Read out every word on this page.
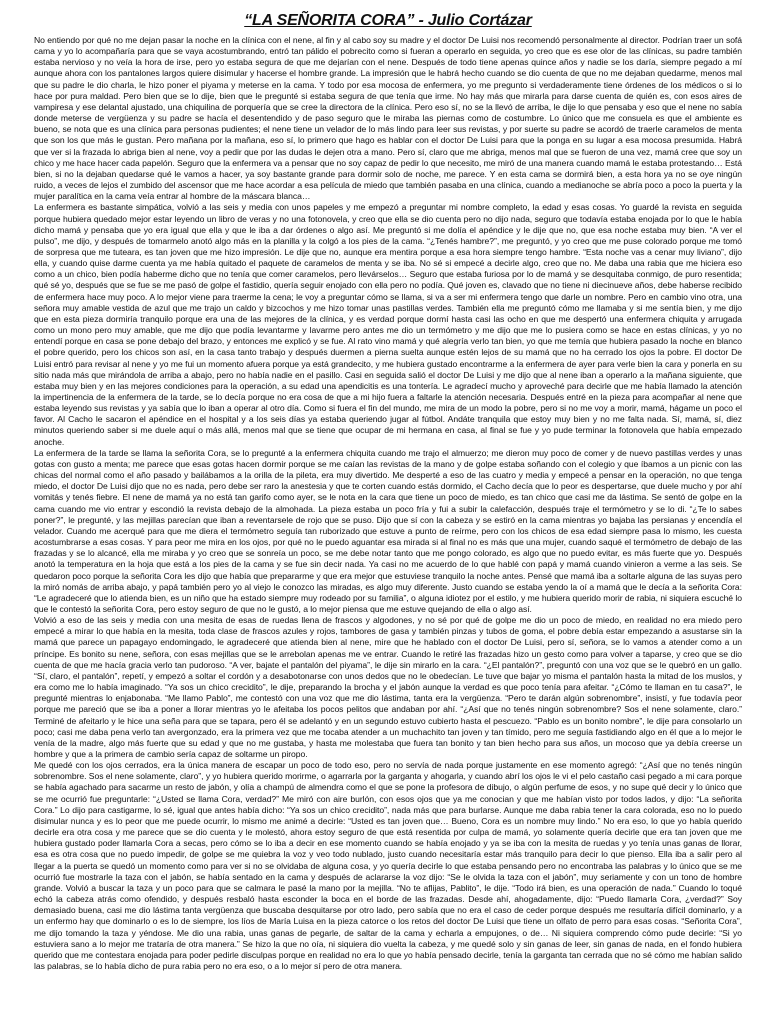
“LA SEÑORITA CORA” - Julio Cortázar

No entiendo por qué no me dejan pasar la noche en la clínica con el nene, al fin y al cabo soy su madre y el doctor De Luisi nos recomendó personalmente al director. Podrían traer un sofá cama y yo lo acompañaría para que se vaya acostumbrando, entró tan pálido el pobrecito como si fueran a operarlo en seguida, yo creo que es ese olor de las clínicas, su padre también estaba nervioso y no veía la hora de irse, pero yo estaba segura de que me dejarían con el nene. Después de todo tiene apenas quince años y nadie se los daría, siempre pegado a mí aunque ahora con los pantalones largos quiere disimular y hacerse el hombre grande. La impresión que le habrá hecho cuando se dio cuenta de que no me dejaban quedarme, menos mal que su padre le dio charla, le hizo poner el piyama y meterse en la cama. Y todo por esa mocosa de enfermera, yo me pregunto si verdaderamente tiene órdenes de los médicos o si lo hace por pura maldad. Pero bien que se lo dije, bien que le pregunté si estaba segura de que tenía que irme. No hay más que mirarla para darse cuenta de quién es, con esos aires de vampiresa y ese delantal ajustado, una chiquilina de porquería que se cree la directora de la clínica. Pero eso sí, no se la llevó de arriba, le dije lo que pensaba y eso que el nene no sabía donde meterse de vergüenza y su padre se hacía el desentendido y de paso seguro que le miraba las piernas como de costumbre. Lo único que me consuela es que el ambiente es bueno, se nota que es una clínica para personas pudientes; el nene tiene un velador de lo más lindo para leer sus revistas, y por suerte su padre se acordó de traerle caramelos de menta que son los que más le gustan. Pero mañana por la mañana, eso sí, lo primero que hago es hablar con el doctor De Luisi para que la ponga en su lugar a esa mocosa presumida. Habrá que ver si la frazada lo abriga bien al nene, voy a pedir que por las dudas le dejen otra a mano. Pero sí, claro que me abriga, menos mal que se fueron de una vez, mamá cree que soy un chico y me hace hacer cada papelón. Seguro que la enfermera va a pensar que no soy capaz de pedir lo que necesito, me miró de una manera cuando mamá le estaba protestando… Está bien, si no la dejaban quedarse qué le vamos a hacer, ya soy bastante grande para dormir solo de noche, me parece. Y en esta cama se dormirá bien, a esta hora ya no se oye ningún ruido, a veces de lejos el zumbido del ascensor que me hace acordar a esa película de miedo que también pasaba en una clínica, cuando a medianoche se abría poco a poco la puerta y la mujer paralítica en la cama veía entrar al hombre de la máscara blanca…

La enfermera es bastante simpática, volvió a las seis y media con unos papeles y me empezó a preguntar mi nombre completo, la edad y esas cosas. Yo guardé la revista en seguida porque hubiera quedado mejor estar leyendo un libro de veras y no una fotonovela, y creo que ella se dio cuenta pero no dijo nada, seguro que todavía estaba enojada por lo que le había dicho mamá y pensaba que yo era igual que ella y que le iba a dar órdenes o algo así. Me preguntó si me dolía el apéndice y le dije que no, que esa noche estaba muy bien. “A ver el pulso”, me dijo, y después de tomarmelo anotó algo más en la planilla y la colgó a los pies de la cama. “¿Tenés hambre?”, me preguntó, y yo creo que me puse colorado porque me tomó de sorpresa que me tuteara, es tan joven que me hizo impresión. Le dije que no, aunque era mentira porque a esa hora siempre tengo hambre. “Esta noche vas a cenar muy liviano”, dijo ella, y cuando quise darme cuenta ya me había quitado el paquete de caramelos de menta y se iba. No sé si empecé a decirle algo, creo que no. Me daba una rabia que me hiciera eso como a un chico, bien podía haberme dicho que no tenía que comer caramelos, pero llevárselos… Seguro que estaba furiosa por lo de mamá y se desquitaba conmigo, de puro resentida; qué sé yo, después que se fue se me pasó de golpe el fastidio, quería seguir enojado con ella pero no podía. Qué joven es, clavado que no tiene ni diecinueve años, debe haberse recibido de enfermera hace muy poco. A lo mejor viene para traerme la cena; le voy a preguntar cómo se llama, si va a ser mi enfermera tengo que darle un nombre. Pero en cambio vino otra, una señora muy amable vestida de azul que me trajo un caldo y bizcochos y me hizo tomar unas pastillas verdes. También ella me preguntó cómo me llamaba y si me sentía bien, y me dijo que en esta pieza dormiría tranquilo porque era una de las mejores de la clínica, y es verdad porque dormí hasta casi las ocho en que me despertó una enfermera chiquita y arrugada como un mono pero muy amable, que me dijo que podía levantarme y lavarme pero antes me dio un termómetro y me dijo que me lo pusiera como se hace en estas clínicas, y yo no entendí porque en casa se pone debajo del brazo, y entonces me explicó y se fue. Al rato vino mamá y qué alegría verlo tan bien, yo que me temía que hubiera pasado la noche en blanco el pobre querido, pero los chicos son así, en la casa tanto trabajo y después duermen a pierna suelta aunque estén lejos de su mamá que no ha cerrado los ojos la pobre. El doctor De Luisi entró para revisar al nene y yo me fui un momento afuera porque ya está grandecito, y me hubiera gustado encontrarme a la enfermera de ayer para verle bien la cara y ponerla en su sitio nada más que mirándola de arriba a abajo, pero no había nadie en el pasillo. Casi en seguida salió el doctor De Luisi y me dijo que al nene iban a operarlo a la mañana siguiente, que estaba muy bien y en las mejores condiciones para la operación, a su edad una apendicitis es una tontería. Le agradecí mucho y aproveché para decirle que me había llamado la atención la impertinencia de la enfermera de la tarde, se lo decía porque no era cosa de que a mi hijo fuera a faltarle la atención necesaria. Después entré en la pieza para acompañar al nene que estaba leyendo sus revistas y ya sabía que lo iban a operar al otro día. Como si fuera el fin del mundo, me mira de un modo la pobre, pero si no me voy a morir, mamá, hágame un poco el favor. Al Cacho le sacaron el apéndice en el hospital y a los seis días ya estaba queriendo jugar al fútbol. Andáte tranquila que estoy muy bien y no me falta nada. Sí, mamá, sí, diez minutos queriendo saber si me duele aquí o más allá, menos mal que se tiene que ocupar de mi hermana en casa, al final se fue y yo pude terminar la fotonovela que había empezado anoche.

La enfermera de la tarde se llama la señorita Cora, se lo pregunté a la enfermera chiquita cuando me trajo el almuerzo; me dieron muy poco de comer y de nuevo pastillas verdes y unas gotas con gusto a menta; me parece que esas gotas hacen dormir porque se me caían las revistas de la mano y de golpe estaba soñando con el colegio y que íbamos a un picnic con las chicas del normal como el año pasado y bailábamos a la orilla de la pileta, era muy divertido. Me desperté a eso de las cuatro y media y empecé a pensar en la operación, no que tenga miedo, el doctor De Luisi dijo que no es nada, pero debe ser raro la anestesia y que te corten cuando estás dormido, el Cacho decía que lo peor es despertarse, que duele mucho y por ahí vomitás y tenés fiebre. El nene de mamá ya no está tan garifo como ayer, se le nota en la cara que tiene un poco de miedo, es tan chico que casi me da lástima. Se sentó de golpe en la cama cuando me vio entrar y escondió la revista debajo de la almohada. La pieza estaba un poco fría y fui a subir la calefacción, después traje el termómetro y se lo di. “¿Te lo sabes poner?”, le pregunté, y las mejillas parecían que iban a reventarsele de rojo que se puso. Dijo que sí con la cabeza y se estiró en la cama mientras yo bajaba las persianas y encendía el velador. Cuando me acerqué para que me diera el termómetro seguía tan ruborizado que estuve a punto de reírme, pero con los chicos de esa edad siempre pasa lo mismo, les cuesta acostumbrarse a esas cosas. Y para peor me mira en los ojos, por qué no le puedo aguantar esa mirada si al final no es más que una mujer, cuando saqué el termómetro de debajo de las frazadas y se lo alcancé, ella me miraba y yo creo que se sonreía un poco, se me debe notar tanto que me pongo colorado, es algo que no puedo evitar, es más fuerte que yo. Después anotó la temperatura en la hoja que está a los pies de la cama y se fue sin decir nada. Ya casi no me acuerdo de lo que hablé con papá y mamá cuando vinieron a verme a las seis. Se quedaron poco porque la señorita Cora les dijo que había que prepararme y que era mejor que estuviese tranquilo la noche antes. Pensé que mamá iba a soltarle alguna de las suyas pero la miró nomás de arriba abajo, y papá también pero yo al viejo le conozco las miradas, es algo muy diferente. Justo cuando se estaba yendo la oí a mamá que le decía a la señorita Cora: “Le agradeceré que lo atienda bien, es un niño que ha estado siempre muy rodeado por su familia”, o alguna idiotez por el estilo, y me hubiera querido morir de rabia, ni siquiera escuché lo que le contestó la señorita Cora, pero estoy seguro de que no le gustó, a lo mejor piensa que me estuve quejando de ella o algo así.

Volvió a eso de las seis y media con una mesita de esas de ruedas llena de frascos y algodones, y no sé por qué de golpe me dio un poco de miedo, en realidad no era miedo pero empecé a mirar lo que había en la mesita, toda clase de frascos azules y rojos, tambores de gasa y también pinzas y tubos de goma, el pobre debía estar empezando a asustarse sin la mamá que parece un papagayo endomingado, le agradeceré que atienda bien al nene, mire que he hablado con el doctor De Luisi, pero sí, señora, se lo vamos a atender como a un príncipe. Es bonito su nene, señora, con esas mejillas que se le arrebolan apenas me ve entrar. Cuando le retiré las frazadas hizo un gesto como para volver a taparse, y creo que se dio cuenta de que me hacía gracia verlo tan pudoroso. “A ver, bajate el pantalón del piyama”, le dije sin mirarlo en la cara. “¿El pantalón?”, preguntó con una voz que se le quebró en un gallo. “Sí, claro, el pantalón”, repetí, y empezó a soltar el cordón y a desabotonarse con unos dedos que no le obedecían. Le tuve que bajar yo misma el pantalón hasta la mitad de los muslos, y era como me lo había imaginado. “Ya sos un chico crecidito”, le dije, preparando la brocha y el jabón aunque la verdad es que poco tenía para afeitar. “¿Cómo te llaman en tu casa?”, le pregunté mientras lo enjabonaba. “Me llamo Pablo”, me contestó con una voz que me dio lástima, tanta era la vergüenza. “Pero te darán algún sobrenombre”, insistí, y fue todavía peor porque me pareció que se iba a poner a llorar mientras yo le afeitaba los pocos pelitos que andaban por ahí. “¿Así que no tenés ningún sobrenombre? Sos el nene solamente, claro.” Terminé de afeitarlo y le hice una seña para que se tapara, pero él se adelantó y en un segundo estuvo cubierto hasta el pescuezo. “Pablo es un bonito nombre”, le dije para consolarlo un poco; casi me daba pena verlo tan avergonzado, era la primera vez que me tocaba atender a un muchachito tan joven y tan tímido, pero me seguía fastidiando algo en él que a lo mejor le venía de la madre, algo más fuerte que su edad y que no me gustaba, y hasta me molestaba que fuera tan bonito y tan bien hecho para sus años, un mocoso que ya debía creerse un hombre y que a la primera de cambio sería capaz de soltarme un piropo.

Me quedé con los ojos cerrados, era la única manera de escapar un poco de todo eso, pero no servía de nada porque justamente en ese momento agregó: “¿Así que no tenés ningún sobrenombre. Sos el nene solamente, claro”, y yo hubiera querido morirme, o agarrarla por la garganta y ahogarla, y cuando abrí los ojos le vi el pelo castaño casi pegado a mi cara porque se había agachado para sacarme un resto de jabón, y olía a champú de almendra como el que se pone la profesora de dibujo, o algún perfume de esos, y no supe qué decir y lo único que se me ocurrió fue preguntarle: “¿Usted se llama Cora, verdad?” Me miró con aire burlón, con esos ojos que ya me conocian y que me habían visto por todos lados, y dijo: “La señorita Cora.” Lo dijo para castigarme, lo sé, igual que antes había dicho: “Ya sos un chico crecidito”, nada más que para burlarse. Aunque me daba rabia tener la cara colorada, eso no lo puedo disimular nunca y es lo peor que me puede ocurrir, lo mismo me animé a decirle: “Usted es tan joven que… Bueno, Cora es un nombre muy lindo.” No era eso, lo que yo había querido decirle era otra cosa y me parece que se dio cuenta y le molestó, ahora estoy seguro de que está resentida por culpa de mamá, yo solamente quería decirle que era tan joven que me hubiera gustado poder llamarla Cora a secas, pero cómo se lo iba a decir en ese momento cuando se había enojado y ya se iba con la mesita de ruedas y yo tenía unas ganas de llorar, esa es otra cosa que no puedo impedir, de golpe se me quiebra la voz y veo todo nublado, justo cuando necesitaría estar más tranquilo para decir lo que pienso. Ella iba a salir pero al llegar a la puerta se quedó un momento como para ver si no se olvidaba de alguna cosa, y yo quería decirle lo que estaba pensando pero no encontraba las palabras y lo único que se me ocurrió fue mostrarle la taza con el jabón, se había sentado en la cama y después de aclararse la voz dijo: “Se le olvida la taza con el jabón”, muy seriamente y con un tono de hombre grande. Volvió a buscar la taza y un poco para que se calmara le pasé la mano por la mejilla. “No te aflijas, Pablito”, le dije. “Todo irá bien, es una operación de nada.” Cuando lo toqué echó la cabeza atrás como ofendido, y después resbaló hasta esconder la boca en el borde de las frazadas. Desde ahí, ahogadamente, dijo: “Puedo llamarla Cora, ¿verdad?” Soy demasiado buena, casi me dio lástima tanta vergüenza que buscaba desquitarse por otro lado, pero sabía que no era el caso de ceder porque después me resultaría difícil dominarlo, y a un enfermo hay que dominarlo o es lo de siempre, los líos de María Luisa en la pieza catorce o los retos del doctor De Luisi que tiene un olfato de perro para esas cosas. “Señorita Cora”, me dijo tomando la taza y yéndose. Me dio una rabia, unas ganas de pegarle, de saltar de la cama y echarla a empujones, o de… Ni siquiera comprendo cómo pude decirle: “Si yo estuviera sano a lo mejor me trataría de otra manera.” Se hizo la que no oía, ni siquiera dio vuelta la cabeza, y me quedé solo y sin ganas de leer, sin ganas de nada, en el fondo hubiera querido que me contestara enojada para poder pedirle disculpas porque en realidad no era lo que yo había pensado decirle, tenía la garganta tan cerrada que no sé cómo me habían salido las palabras, se lo había dicho de pura rabia pero no era eso, o a lo mejor sí pero de otra manera.
